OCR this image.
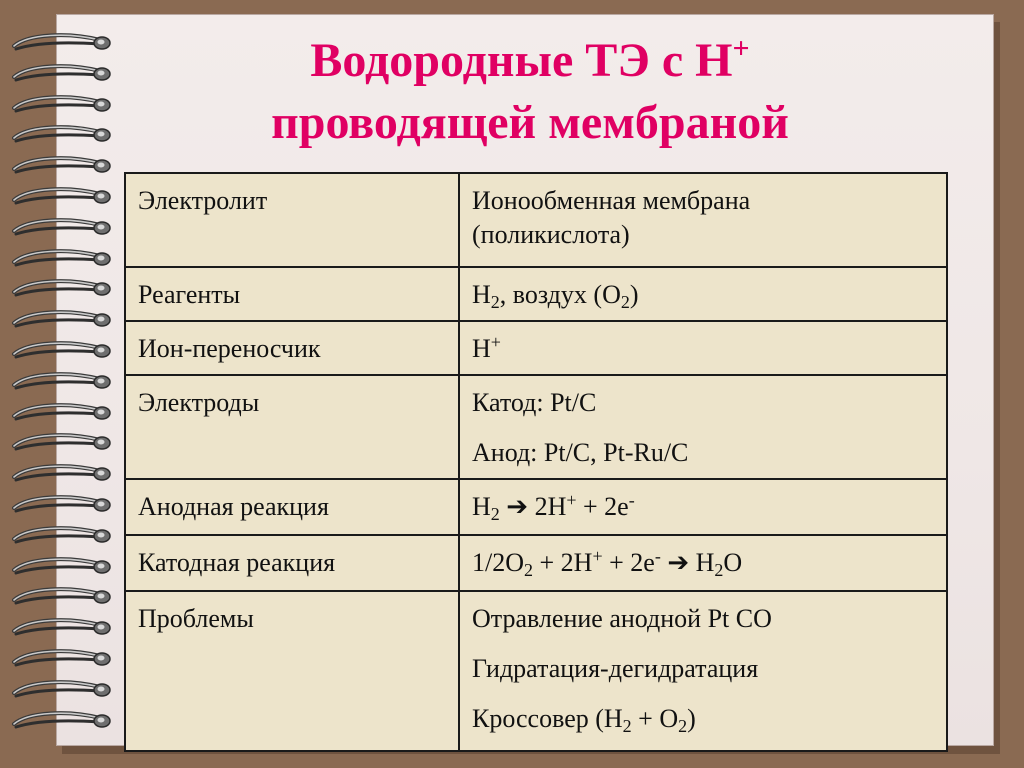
Водородные ТЭ с Н+
проводящей мембраной
Электролит	Ионообменная мембрана
(поликислота)

Реагенты	$Н_2$, воздух $(О_2)$
Ион-переносчик	Н+
Электроды	Катод: Pt/C
Анод: Pt/C, Pt-Ru/C

Анодная реакция	$Н_2$ ➔ 2Н+ + 2е-
Катодная реакция	$1/2О_2 + 2Н^+ + 2е^-$ ➔ $Н_2О$
Проблемы	Отравление анодной Pt CO
Гидратация-дегидратация
Кроссовер $(Н_2 + О_2)$
